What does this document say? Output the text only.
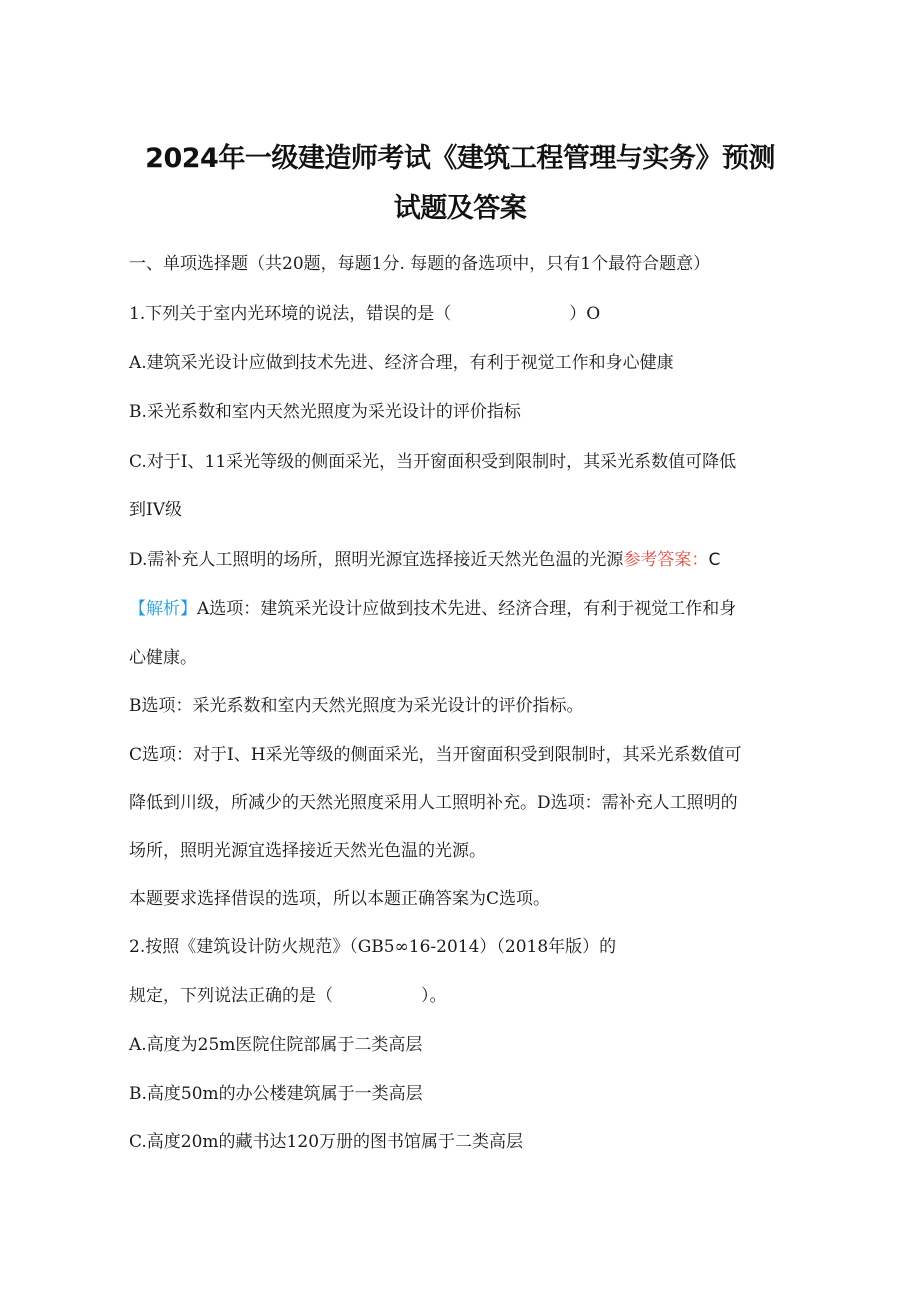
2024年一级建造师考试《建筑工程管理与实务》预测
试题及答案
一、单项选择题（共20题，每题1分. 每题的备选项中，只有1个最符合题意）
1.下列关于室内光环境的说法，错误的是（	）O
A.建筑采光设计应做到技术先进、经济合理，有利于视觉工作和身心健康
B.采光系数和室内天然光照度为采光设计的评价指标
C.对于I、11采光等级的侧面采光，当开窗面积受到限制时，其采光系数值可降低
到IV级
D.需补充人工照明的场所，照明光源宜选择接近天然光色温的光源参考答案：C
【解析】A选项：建筑采光设计应做到技术先进、经济合理，有利于视觉工作和身
心健康。
B选项：采光系数和室内天然光照度为采光设计的评价指标。
C选项：对于I、H采光等级的侧面采光，当开窗面积受到限制时，其采光系数值可
降低到川级，所减少的天然光照度采用人工照明补充。D选项：需补充人工照明的
场所，照明光源宜选择接近天然光色温的光源。
本题要求选择借误的选项，所以本题正确答案为C选项。
2.按照《建筑设计防火规范》（GB5∞16-2014）（2018年版）的
规定，下列说法正确的是（	）。
A.高度为25m医院住院部属于二类高层
B.高度50m的办公楼建筑属于一类高层
C.高度20m的藏书达120万册的图书馆属于二类高层
